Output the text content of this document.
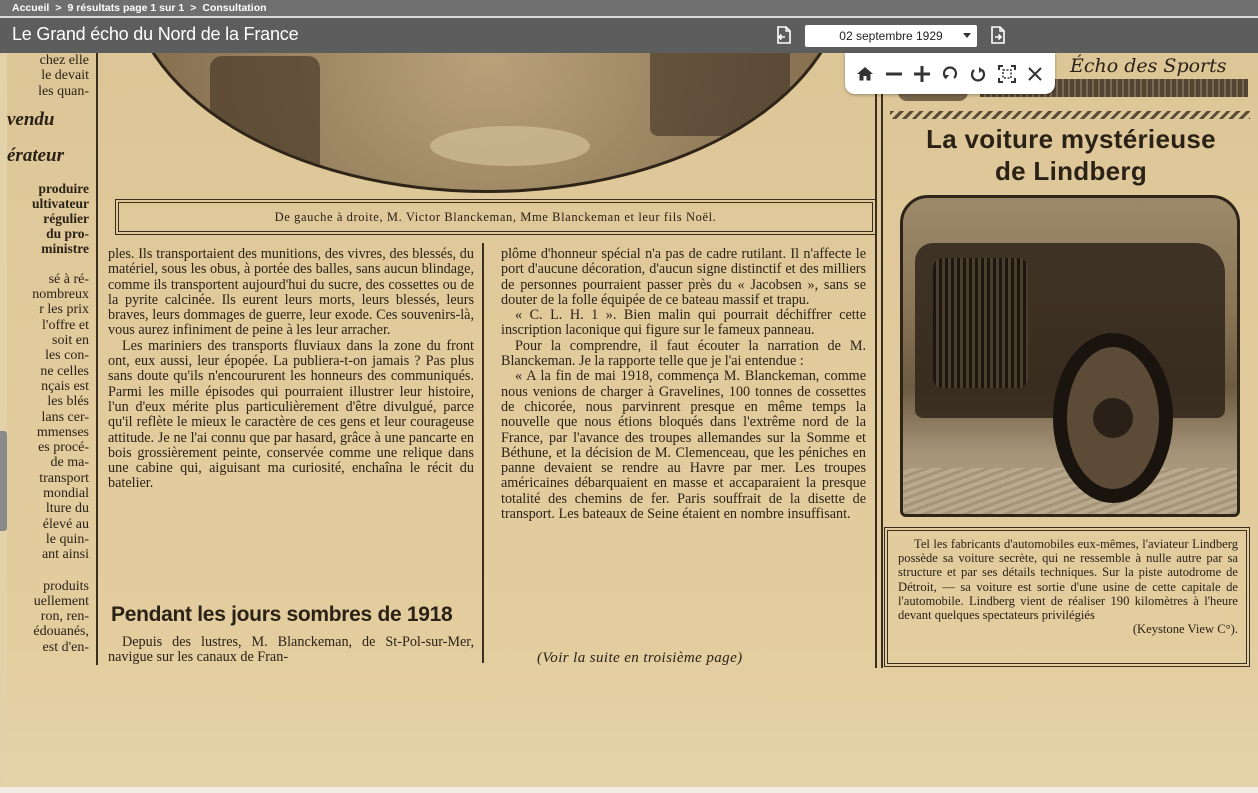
Accueil > 9 résultats page 1 sur 1 > Consultation
Le Grand écho du Nord de la France	02 septembre 1929
chez elle
le devait
les quan-
vendu
érateur
produire
ultivateur
régulier
du pro-
ministre
sé à ré-
nombreux
r les prix
l'offre et
soit en
les con-
ne celles
nçais est
les blés
lans cer-
mmenses
es procé-
de ma-
transport
mondial
lture du
élevé au
le quin-
ant ainsi
produits
uellement
ron, ren-
édouanés,
est d'en-
De gauche à droite, M. Victor Blanckeman, Mme Blanckeman et leur fils Noël.

ples. Ils transportaient des munitions, des vivres, des blessés, du matériel, sous les obus, à portée des balles, sans aucun blindage, comme ils transportent aujourd'hui du sucre, des cossettes ou de la pyrite calcinée. Ils eurent leurs morts, leurs blessés, leurs braves, leurs dommages de guerre, leur exode. Ces souvenirs-là, vous aurez infiniment de peine à les leur arracher.

Les mariniers des transports fluviaux dans la zone du front ont, eux aussi, leur épopée. La publiera-t-on jamais ? Pas plus sans doute qu'ils n'encoururent les honneurs des communiqués. Parmi les mille épisodes qui pourraient illustrer leur histoire, l'un d'eux mérite plus particulièrement d'être divulgué, parce qu'il reflète le mieux le caractère de ces gens et leur courageuse attitude. Je ne l'ai connu que par hasard, grâce à une pancarte en bois grossièrement peinte, conservée comme une relique dans une cabine qui, aiguisant ma curiosité, enchaîna le récit du batelier.

Pendant les jours sombres de 1918

Depuis des lustres, M. Blanckeman, de St-Pol-sur-Mer, navigue sur les canaux de Fran-

plôme d'honneur spécial n'a pas de cadre rutilant. Il n'affecte le port d'aucune décoration, d'aucun signe distinctif et des milliers de personnes pourraient passer près du « Jacobsen », sans se douter de la folle équipée de ce bateau massif et trapu.

« C. L. H. 1 ». Bien malin qui pourrait déchiffrer cette inscription laconique qui figure sur le fameux panneau.

Pour la comprendre, il faut écouter la narration de M. Blanckeman. Je la rapporte telle que je l'ai entendue :

« A la fin de mai 1918, commença M. Blanckeman, comme nous venions de charger à Gravelines, 100 tonnes de cossettes de chicorée, nous parvinrent presque en même temps la nouvelle que nous étions bloqués dans l'extrême nord de la France, par l'avance des troupes allemandes sur la Somme et Béthune, et la décision de M. Clemenceau, que les péniches en panne devaient se rendre au Havre par mer. Les troupes américaines débarquaient en masse et accaparaient la presque totalité des chemins de fer. Paris souffrait de la disette de transport. Les bateaux de Seine étaient en nombre insuffisant.

(Voir la suite en troisième page)
Écho des Sports
La voiture mystérieuse
de Lindberg

Tel les fabricants d'automobiles eux-mêmes, l'aviateur Lindberg possède sa voiture secrète, qui ne ressemble à nulle autre par sa structure et par ses détails techniques. Sur la piste autodrome de Détroit, — sa voiture est sortie d'une usine de cette capitale de l'automobile. Lindberg vient de réaliser 190 kilomètres à l'heure devant quelques spectateurs privilégiés

(Keystone View C°).
